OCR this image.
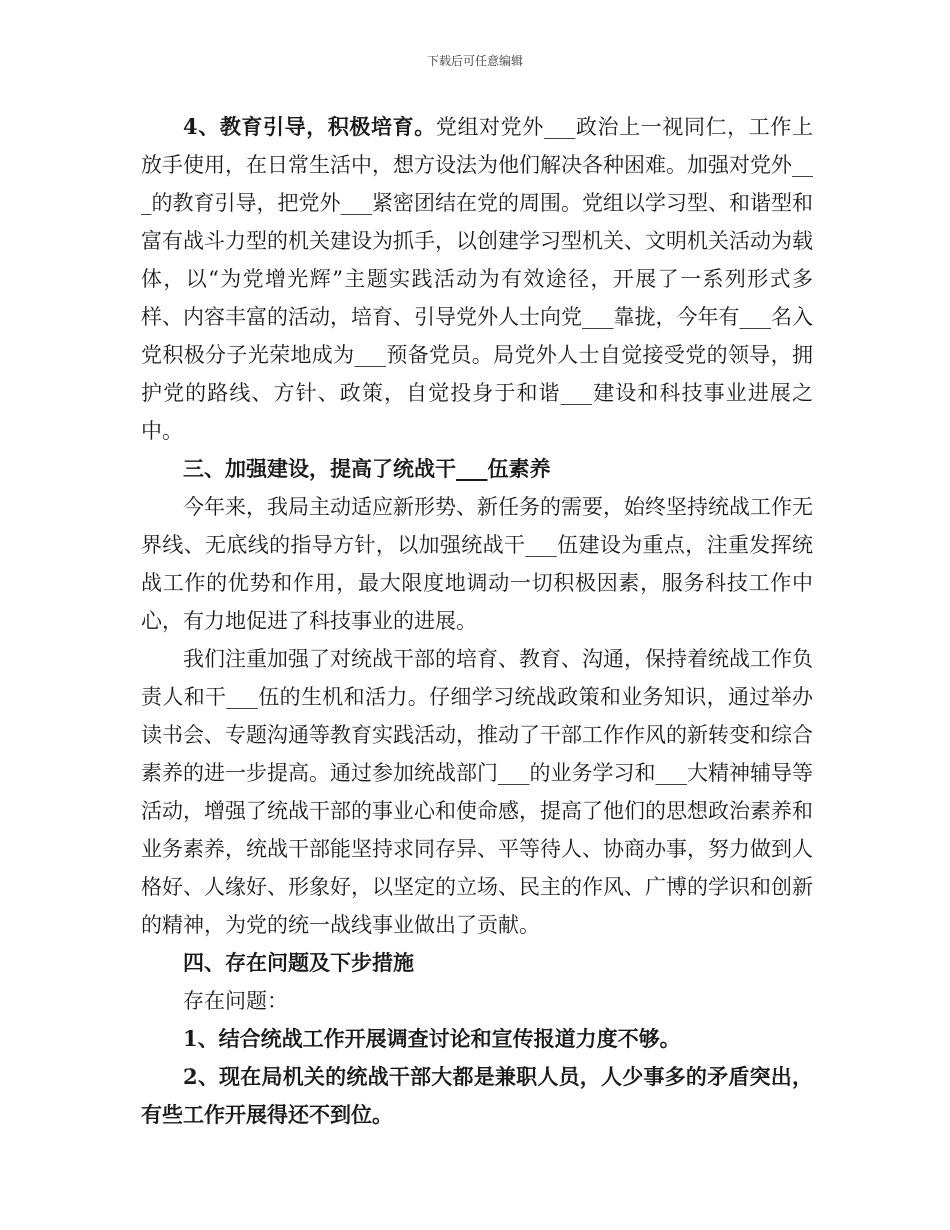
下载后可任意编辑

4、教育引导，积极培育。党组对党外___政治上一视同仁，工作上放手使用，在日常生活中，想方设法为他们解决各种困难。加强对党外___的教育引导，把党外___紧密团结在党的周围。党组以学习型、和谐型和富有战斗力型的机关建设为抓手，以创建学习型机关、文明机关活动为载体，以“为党增光辉”主题实践活动为有效途径，开展了一系列形式多样、内容丰富的活动，培育、引导党外人士向党___靠拢，今年有___名入党积极分子光荣地成为___预备党员。局党外人士自觉接受党的领导，拥护党的路线、方针、政策，自觉投身于和谐___建设和科技事业进展之中。

三、加强建设，提高了统战干___伍素养

今年来，我局主动适应新形势、新任务的需要，始终坚持统战工作无界线、无底线的指导方针，以加强统战干___伍建设为重点，注重发挥统战工作的优势和作用，最大限度地调动一切积极因素，服务科技工作中心，有力地促进了科技事业的进展。

我们注重加强了对统战干部的培育、教育、沟通，保持着统战工作负责人和干___伍的生机和活力。仔细学习统战政策和业务知识，通过举办读书会、专题沟通等教育实践活动，推动了干部工作作风的新转变和综合素养的进一步提高。通过参加统战部门___的业务学习和___大精神辅导等活动，增强了统战干部的事业心和使命感，提高了他们的思想政治素养和业务素养，统战干部能坚持求同存异、平等待人、协商办事，努力做到人格好、人缘好、形象好，以坚定的立场、民主的作风、广博的学识和创新的精神，为党的统一战线事业做出了贡献。

四、存在问题及下步措施

存在问题：

1、结合统战工作开展调查讨论和宣传报道力度不够。

2、现在局机关的统战干部大都是兼职人员，人少事多的矛盾突出，有些工作开展得还不到位。
